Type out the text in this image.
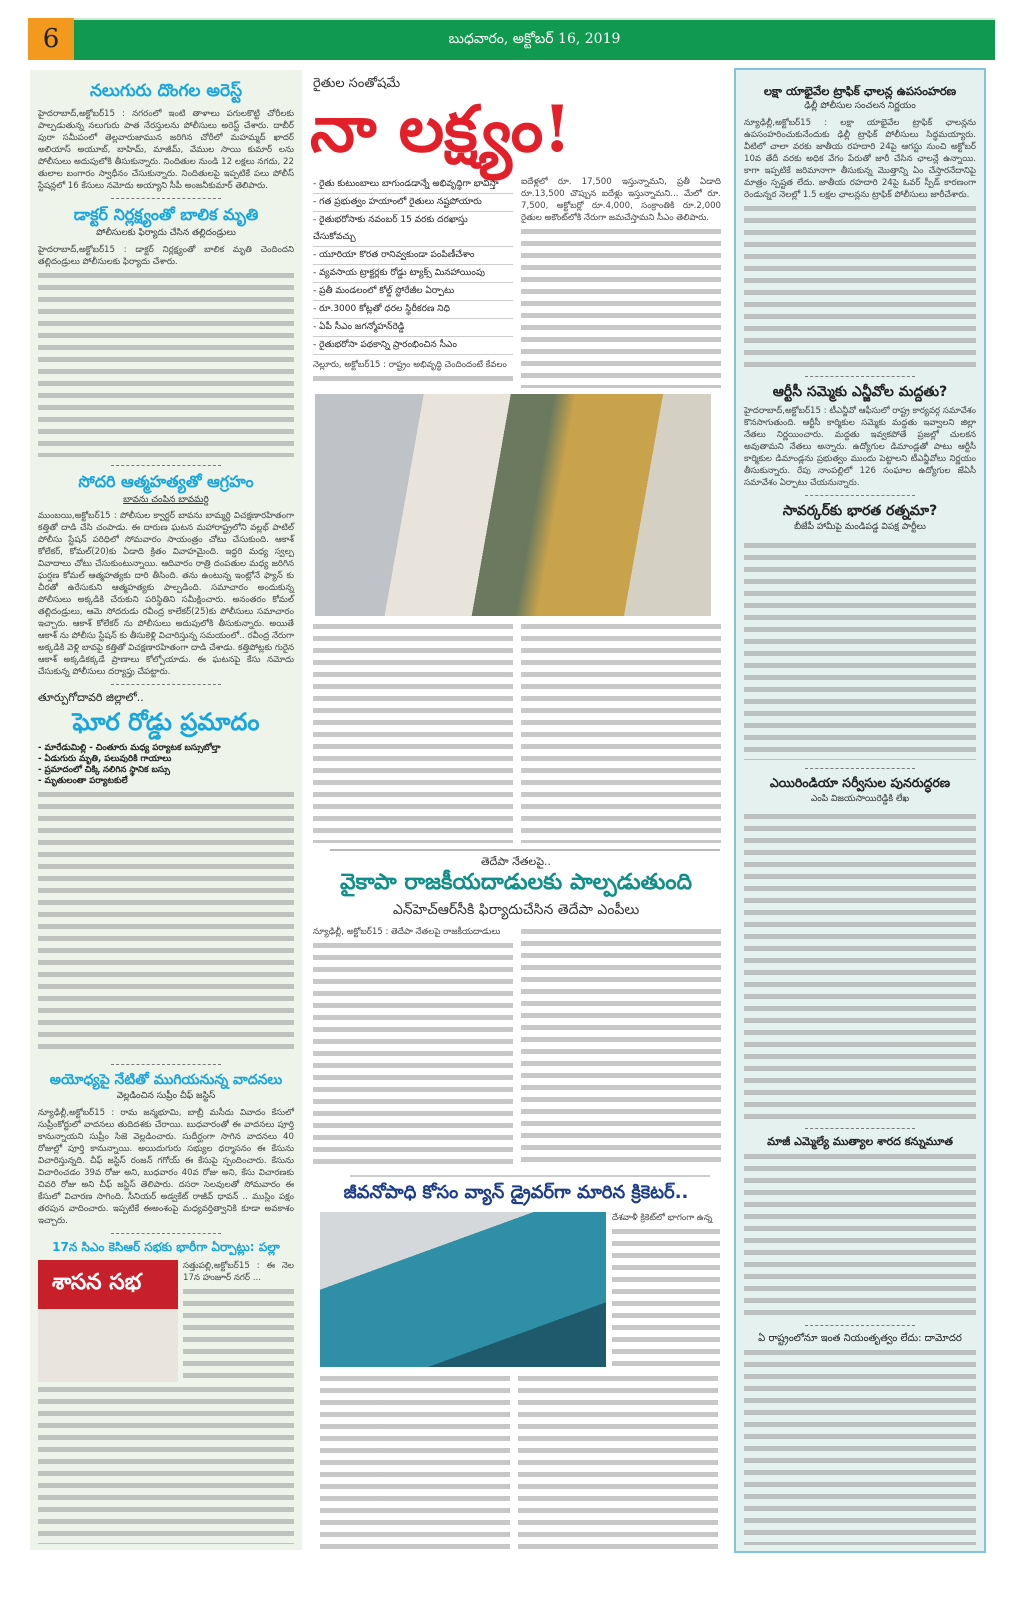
6	బుధవారం, అక్టోబర్ 16, 2019
నలుగురు దొంగల అరెస్ట్
హైదరాబాద్,అక్టోబర్15 : నగరంలో ఇంటి తాళాలు పగులకొట్టి చోరీలకు పాల్పడుతున్న నలుగురు పాత నేరస్తులను పోలీసులు అరెస్ట్ చేశారు. దాబీర్ పురా సమీపంలో తెల్లవారుజామున జరిగిన చోరీలో మహమ్మద్ ఖాదర్ అలియాస్ అయూబ్, బాహిమ్, మాజీమ్, వేముల సాయి కుమార్ లను పోలీసులు అదుపులోకి తీసుకున్నారు. నిందితుల నుండి 12 లక్షలు నగదు, 22 తులాల బంగారం స్వాధీనం చేసుకున్నారు. నిందితులపై ఇప్పటికే పలు పోలీస్ స్టేషన్లలో 16 కేసులు నమోదు అయ్యాని సీపీ అంజనీకుమార్ తెలిపారు.
డాక్టర్ నిర్లక్ష్యంతో బాలిక మృతి
పోలీసులకు ఫిర్యాదు చేసిన తల్లిదండ్రులు
హైదరాబాద్,అక్టోబర్15 : డాక్టర్ నిర్లక్ష్యంతో బాలిక మృతి చెందిందని తల్లిదండ్రులు పోలీసులకు ఫిర్యాదు చేశారు.
సోదరి ఆత్మహత్యతో ఆగ్రహం
బావను చంపిన బావమర్ది
ముంబయి,అక్టోబర్15 : పోలీసుల క్వార్టర్ బావను బామ్మర్ది విచక్షణారహితంగా కత్తితో దాడి చేసి చంపాడు. ఈ దారుణ ఘటన మహారాష్ట్రలోని వల్లభ్ పాటిల్ పోలీసు స్టేషన్ పరిధిలో సోమవారం సాయంత్రం చోటు చేసుకుంది. ఆకాశ్ కోలేకర్, కోమల్(20)కు ఏడాది క్రితం వివాహమైంది. ఇద్దరి మధ్య స్వల్ప వివాదాలు చోటు చేసుకుంటున్నాయి. ఆదివారం రాత్రి దంపతుల మధ్య జరిగిన ఘర్షణ కోమల్ ఆత్మహత్యకు దారి తీసింది. తను ఉంటున్న ఇంట్లోనే ఫ్యాన్ కు చీరతో ఉరేసుకుని ఆత్మహత్యకు పాల్పడింది. సమాచారం అందుకున్న పోలీసులు అక్కడికి చేరుకుని పరిస్థితిని సమీక్షించారు. అనంతరం కోమల్ తల్లిదండ్రులు, ఆమె సోదరుడు రవీంద్ర కాలేకర్(25)కు పోలీసులు సమాచారం ఇచ్చారు. ఆకాశ్ కోలేకర్ ను పోలీసులు అదుపులోకి తీసుకున్నారు. అయితే ఆకాశ్ ను పోలీసు స్టేషన్ కు తీసుకెళ్లి విచారిస్తున్న సమయంలో.. రవీంద్ర నేరుగా అక్కడికి వెళ్లి బావపై కత్తితో విచక్షణారహితంగా దాడి చేశాడు. కత్తిపోట్లకు గురైన ఆకాశ్ అక్కడికక్కడే ప్రాణాలు కోల్పోయాడు. ఈ ఘటనపై కేసు నమోదు చేసుకున్న పోలీసులు దర్యాప్తు చేపట్టారు.
తూర్పుగోదావరి జిల్లాలో..
ఘోర రోడ్డు ప్రమాదం
- మారేడుమిల్లి - చింతూరు మధ్య పర్యాటక బస్సుబోల్తా
- ఏడుగురు మృతి, పలువురికి గాయాలు
- ప్రమాదంలో చిక్కి నలిగిన స్థానిక బస్సు
- మృతులంతా పర్యాటకులే
అయోధ్యపై నేటితో ముగియనున్న వాదనలు
వెల్లడించిన సుప్రీం చీఫ్ జస్టిస్
న్యూఢిల్లీ,అక్టోబర్15 : రామ జన్మభూమి, బాబ్రీ మసీదు వివాదం కేసులో సుప్రీంకోర్టులో వాదనలు తుదిదశకు చేరాయి. బుధవారంతో ఈ వాదనలు పూర్తి కానున్నాయని సుప్రీం సిజె వెల్లడించారు. సుదీర్ఘంగా సాగిన వాదనలు 40 రోజుల్లో పూర్తి కానున్నాయి. అయిదుగురు సభ్యుల ధర్మాసనం ఈ కేసును విచారిస్తున్నది. చీఫ్ జస్టిస్ రంజన్ గగోయ్ ఈ కేసుపై స్పందించారు. కేసును విచారించడం 39వ రోజు అని, బుధవారం 40వ రోజు అని, కేసు విచారణకు చివరి రోజు అని చీఫ్ జస్టిస్ తెలిపారు. దసరా సెలవులతో సోమవారం ఈ కేసులో విచారణ సాగింది. సీనియర్ అడ్వకేట్ రాజీవ్ ధావన్ .. ముస్లిం పక్షం తరపున వాదించారు. ఇప్పటికే ఈఅంశంపై మధ్యవర్తిత్వానికి కూడా అవకాశం ఇచ్చారు.
17న సిఎం కెసిఆర్ సభకు భారీగా ఏర్పాట్లు: పల్లా
శాసన సభ
సత్తుపల్లి,అక్టోబర్15 : ఈ నెల 17న హుజూర్ నగర్ ...
రైతుల సంతోషమే
నా లక్ష్యం!
- రైతు కుటుంబాలు బాగుండడాన్నే అభివృద్ధిగా భావిస్తా
- గత ప్రభుత్వం హయాంలో రైతులు నష్టపోయారు
- రైతుభరోసాకు నవంబర్ 15 వరకు దరఖాస్తు చేసుకోవచ్చు
- యూరియా కొరత రానివ్వకుండా పంపిణీచేశాం
- వ్యవసాయ ట్రాక్టర్లకు రోడ్డు ట్యాక్స్ మినహాయింపు
- ప్రతీ మండలంలో కోల్డ్ స్టోరేజీల ఏర్పాటు
- రూ.3000 కోట్లతో ధరల స్థిరీకరణ నిధి
- ఏపీ సీఎం జగన్మోహన్‌రెడ్డి
- రైతుభరోసా పథకాన్ని ప్రారంభించిన సీఎం
నెల్లూరు, అక్టోబర్15 : రాష్ట్రం అభివృద్ధి చెందిందంటే కేవలం
ఐదేళ్లలో రూ. 17,500 ఇస్తున్నామని, ప్రతీ ఏడాది రూ.13,500 చొప్పున ఐదేళ్లు ఇస్తున్నామని... మేలో రూ. 7,500, అక్టోబర్లో రూ.4,000, సంక్రాంతికి రూ.2,000 రైతుల అకౌంట్‌లోకి నేరుగా జమచేస్తామని సీఎం తెలిపారు.
తెదేపా నేతలపై..
వైకాపా రాజకీయదాడులకు పాల్పడుతుంది
ఎన్‌హెచ్ఆర్‌సీకి ఫిర్యాదుచేసిన తెదేపా ఎంపీలు
న్యూఢిల్లీ, అక్టోబర్15 : తెదేపా నేతలపై రాజకీయదాడులు
జీవనోపాధి కోసం వ్యాన్ డ్రైవర్‌గా మారిన క్రికెటర్..
దేశవాళీ క్రికెట్‌లో భాగంగా ఉన్న
లక్షా యాభైవేల ట్రాఫిక్ ఛాలన్ల ఉపసంహరణ
ఢిల్లీ పోలీసుల సంచలన నిర్ణయం
న్యూఢిల్లీ,అక్టోబర్15 : లక్షా యాభైవేల ట్రాఫిక్ ఛాలన్లను ఉపసంహరించుకునేందుకు ఢిల్లీ ట్రాఫిక్ పోలీసులు సిద్ధమయ్యారు. వీటిలో చాలా వరకు జాతీయ రహదారి 24పై ఆగస్టు నుంచి అక్టోబర్ 10వ తేదీ వరకు అధిక వేగం పేరుతో జారీ చేసిన ఛాలన్లే ఉన్నాయి. కాగా ఇప్పటికే జరిమానాగా తీసుకున్న మొత్తాన్ని ఏం చేస్తారనేదానిపై మాత్రం స్పష్టత లేదు. జాతీయ రహదారి 24పై ఓవర్ స్పీడ్ కారణంగా రెండున్నర నెలల్లో 1.5 లక్షల ఛాలన్లను ట్రాఫిక్ పోలీసులు జారీచేశారు.
ఆర్టీసీ సమ్మెకు ఎన్జీవోల మద్దతు?
హైదరాబాద్,అక్టోబర్15 : టీఎన్జీవో ఆఫీసులో రాష్ట్ర కార్యవర్గ సమావేశం కొనసాగుతుంది. ఆర్టీసీ కార్మికుల సమ్మెకు మద్దతు ఇవ్వాలని జిల్లా నేతలు నిర్ణయించారు. మద్దతు ఇవ్వకపోతే ప్రజల్లో చులకన అవుతామని నేతలు అన్నారు. ఉద్యోగుల డిమాండ్లతో పాటు ఆర్టీసీ కార్మికుల డిమాండ్లను ప్రభుత్వం ముందు పెట్టాలని టీఎన్జీవోలు నిర్ణయం తీసుకున్నారు. రేపు నాంపల్లిలో 126 సంఘాల ఉద్యోగుల జేఏసీ సమావేశం ఏర్పాటు చేయనున్నారు.
సావర్కర్‌కు భారత రత్నమా?
బీజేపీ హామీపై మండిపడ్డ విపక్ష పార్టీలు
ఎయిరిండియా సర్వీసుల పునరుద్ధరణ
ఎంపి విజయసాయిరెడ్డికి లేఖ
మాజీ ఎమ్మెల్యే ముత్యాల శారద కన్నుమూత
ఏ రాష్ట్రంలోనూ ఇంత నియంతృత్వం లేదు: దామోదర
